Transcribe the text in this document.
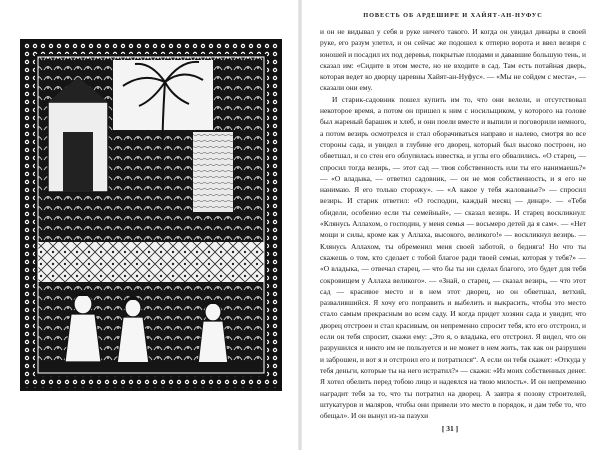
ПОВЕСТЬ ОБ АРДЕШИРЕ И ХАЙЯТ-АН-НУФУС

и он не видывал у себя в руке ничего такого. И когда он увидал динары в своей руке, его разум улетел, и он сейчас же подошел к отперю ворота и ввел везиря с юношей и посадил их под деревья, покрытые плодами и дававшие большую тень, и сказал им: «Сидите в этом месте, но не входите в сад. Там есть потайная дверь, которая ведет ко дворцу царевны Хайят-ан-Нуфус». — «Мы не сойдем с места», — сказали они ему.

И старик-садовник пошел купить им то, что они велели, и отсутствовал некоторое время, а потом он пришел к ним с носильщиком, у которого на голове был жареный барашек и хлеб, и они поели вместе и выпили и поговорили немного, а потом везирь осмотрелся и стал оборачиваться направо и налево, смотря во все стороны сада, и увидел в глубине его дворец, который был высоко построен, но обветшал, и со стен его облупилась известка, и углы его обвалились. «О старец, — спросил тогда везирь, — этот сад — твоя собственность или ты его нанимаешь?» — «О владыка, — ответил садовник, — он не моя собственность, и я его не нанимаю. Я его только сторожу». — «А какое у тебя жалованье?» — спросил везирь. И старик ответил: «О господин, каждый месяц — динар». — «Тебя обидели, особенно если ты семейный», — сказал везирь. И старец воскликнул: «Клянусь Аллахом, о господин, у меня семья — восьмеро детей да я сам». — «Нет мощи и силы, кроме как у Аллаха, высокого, великого!» — воскликнул везирь. — Клянусь Аллахом, ты обременил меня своей заботой, о бедняга! Но что ты скажешь о том, кто сделает с тобой благое ради твоей семьи, которая у тебя?» — «О владыка, — отвечал старец, — что бы ты ни сделал благого, это будет для тебя сокровищем у Аллаха великого». — «Знай, о старец, — сказал везирь, — что этот сад — красивое место и в нем этот дворец, но он обветшал, ветхий, развалившийся. Я хочу его поправить и выбелить и выкрасить, чтобы это место стало самым прекрасным во всем саду. И когда придет хозяин сада и увидит, что дворец отстроен и стал красивым, он непременно спросит тебя, кто его отстроил, и если он тебя спросит, скажи ему: „Это я, о владыка, его отстроил. Я видел, что он разрушился и никто им не пользуется и не может в нем жить, так как он разрушен и заброшен, и вот я и отстроил его и потратился“. А если он тебя скажет: «Откуда у тебя деньги, которые ты на него истратил?» — скажи: «Из моих собственных денег. Я хотел обелить перед тобою лицо и надеялся на твою милость». И он непременно наградит тебя за то, что ты потратил на дворец. А завтра я позову строителей, штукатуров и маляров, чтобы они привели это место в порядок, и дам тебе то, что обещал». И он вынул из-за пазухи

[ 31 ]
